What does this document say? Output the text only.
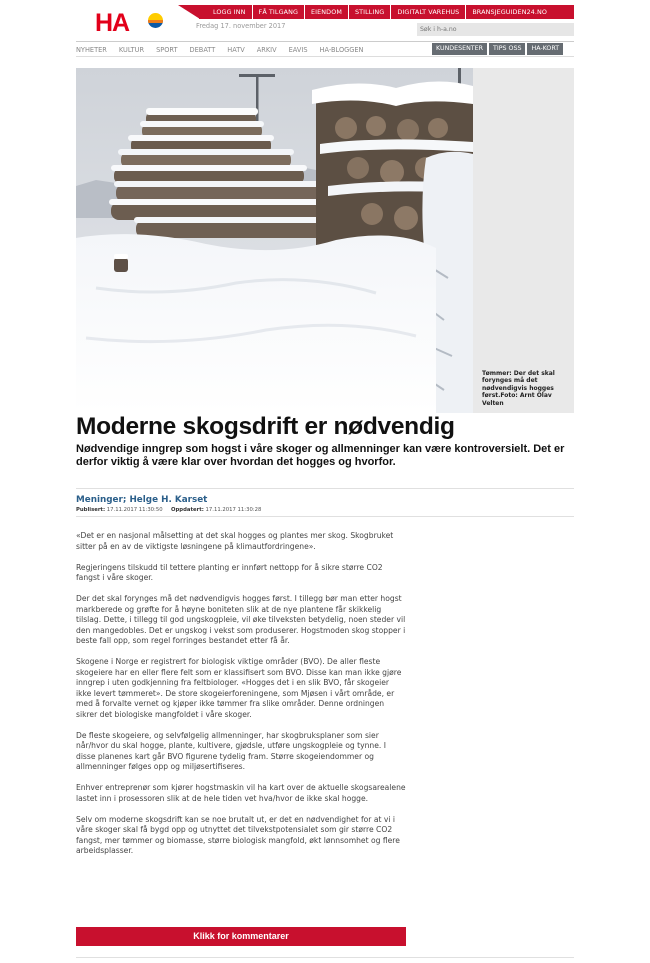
HA	LOGG INN	FÅ TILGANG	EIENDOM	STILLING	DIGITALT VAREHUS	BRANSJEGUIDEN24.NO
Fredag 17. november 2017
Søk i h-a.no
NYHETER	KULTUR	SPORT	DEBATT	HATV	ARKIV	EAVIS	HA-BLOGGEN	KUNDESENTER	TIPS OSS	HA-KORT
Tømmer: Der det skal forynges må det nødvendigvis hogges først.Foto: Arnt Olav Velten
Moderne skogsdrift er nødvendig
Nødvendige inngrep som hogst i våre skoger og allmenninger kan være kontroversielt. Det er derfor viktig å være klar over hvordan det hogges og hvorfor.
Meninger; Helge H. Karset
Publisert: 17.11.2017 11:30:50 Oppdatert: 17.11.2017 11:30:28

«Det er en nasjonal målsetting at det skal hogges og plantes mer skog. Skogbruket sitter på en av de viktigste løsningene på klimautfordringene».

Regjeringens tilskudd til tettere planting er innført nettopp for å sikre større CO2 fangst i våre skoger.

Der det skal forynges må det nødvendigvis hogges først. I tillegg bør man etter hogst markberede og grøfte for å høyne boniteten slik at de nye plantene får skikkelig tilslag. Dette, i tillegg til god ungskogpleie, vil øke tilveksten betydelig, noen steder vil den mangedobles. Det er ungskog i vekst som produserer. Hogstmoden skog stopper i beste fall opp, som regel forringes bestandet etter få år.

Skogene i Norge er registrert for biologisk viktige områder (BVO). De aller fleste skogeiere har en eller flere felt som er klassifisert som BVO. Disse kan man ikke gjøre inngrep i uten godkjenning fra feltbiologer. «Hogges det i en slik BVO, får skogeier ikke levert tømmeret». De store skogeierforeningene, som Mjøsen i vårt område, er med å forvalte vernet og kjøper ikke tømmer fra slike områder. Denne ordningen sikrer det biologiske mangfoldet i våre skoger.

De fleste skogeiere, og selvfølgelig allmenninger, har skogbruksplaner som sier når/hvor du skal hogge, plante, kultivere, gjødsle, utføre ungskogpleie og tynne. I disse planenes kart går BVO figurene tydelig fram. Større skogeiendommer og allmenninger følges opp og miljøsertifiseres.

Enhver entreprenør som kjører hogstmaskin vil ha kart over de aktuelle skogsarealene lastet inn i prosessoren slik at de hele tiden vet hva/hvor de ikke skal hogge.

Selv om moderne skogsdrift kan se noe brutalt ut, er det en nødvendighet for at vi i våre skoger skal få bygd opp og utnyttet det tilvekstpotensialet som gir større CO2 fangst, mer tømmer og biomasse, større biologisk mangfold, økt lønnsomhet og flere arbeidsplasser.

Klikk for kommentarer
